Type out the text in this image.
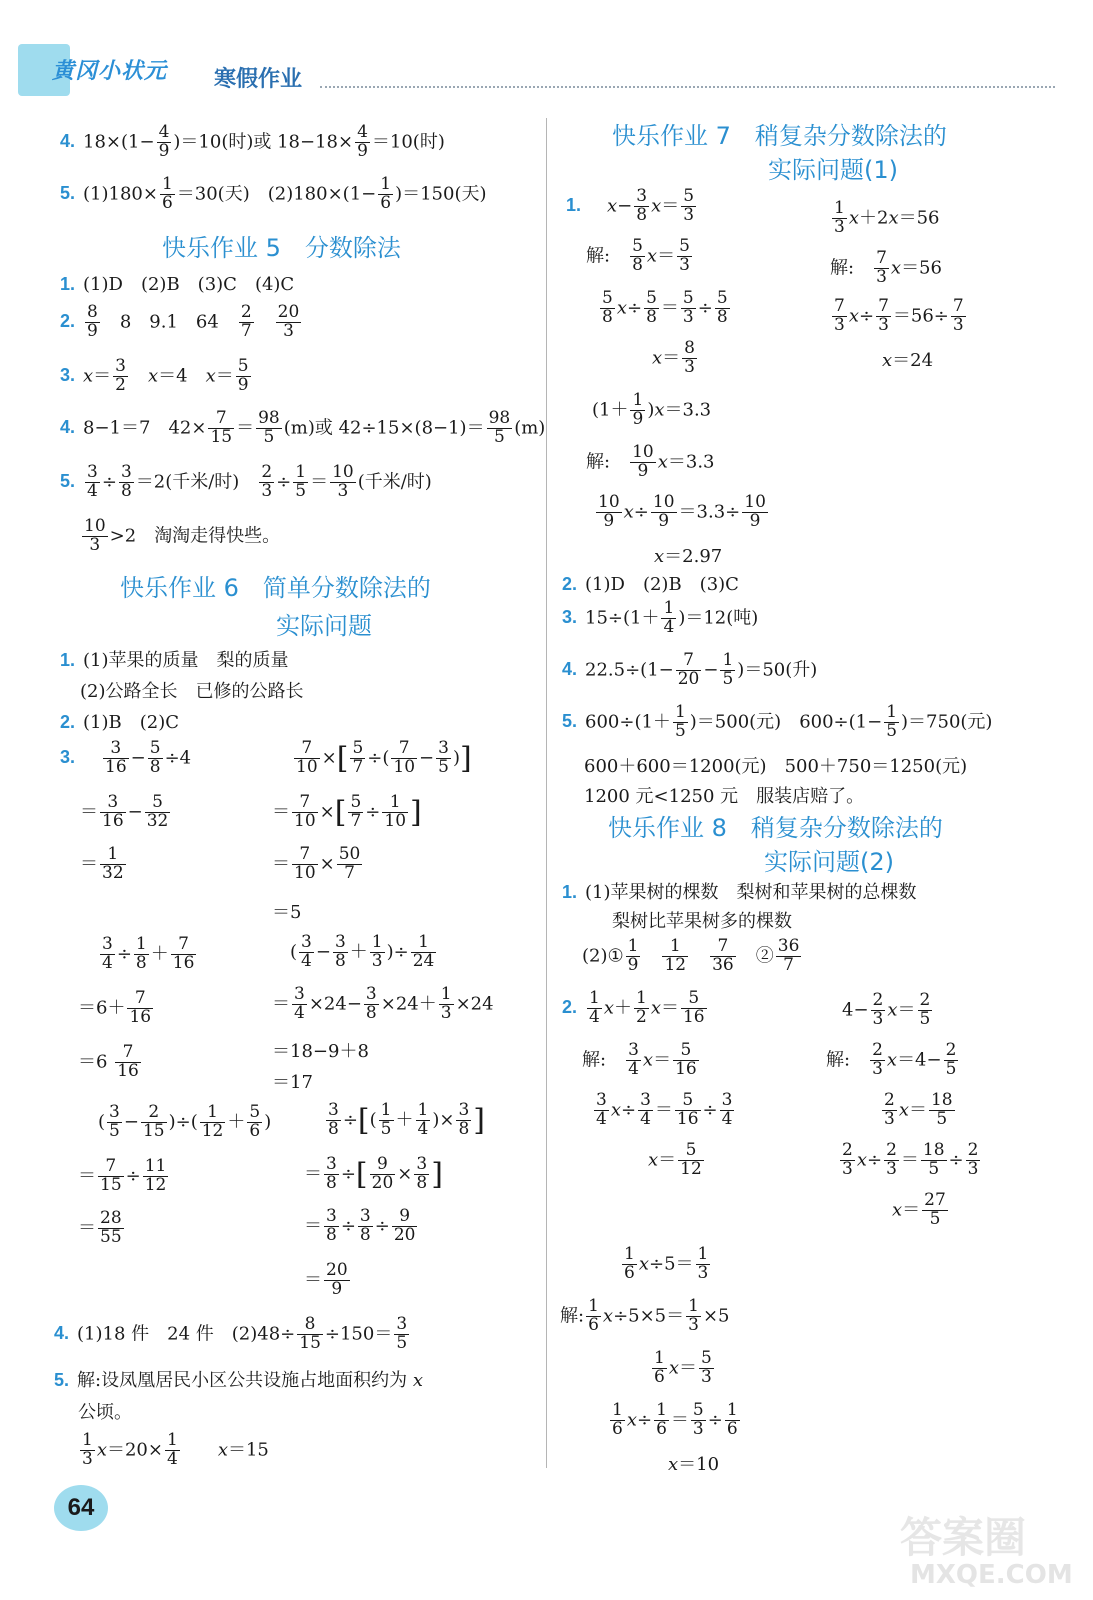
黄冈小状元 寒假作业
4. $18\times(1- \frac{4}{9} )=10$(时)或 $18-18\times \frac{4}{9} =10$(时)
5. $(1)180\times \frac{1}{6} =30$(天)　$(2)180\times(1- \frac{1}{6} )=150$(天)
快乐作业 5　分数除法
1. (1)D　(2)B　(3)C　(4)C
2. $\frac{8}{9}$ 　8　9.1　64　 $\frac{2}{7}$
　 $\frac{20}{3}$
3. $x= \frac{3}{2}$
　 x＝4　$x= \frac{5}{9}$
4. 8−1＝7　$42\times \frac{7}{15} = \frac{98}{5} (m)$或 $42\div 15\times(8-1)= \frac{98}{5} (m)$
5. $\frac{3}{4} \div \frac{3}{8} =2$(千米/时)　 $\frac{2}{3} \div \frac{1}{5} = \frac{10}{3}$ (千米/时)
$\frac{10}{3} >2$　淘淘走得快些。
快乐作业 6　简单分数除法的
实际问题
1. (1)苹果的质量　梨的质量
(2)公路全长　已修的公路长
2. (1)B　(2)C
3.　 $\frac{3}{16} - \frac{5}{8} \div 4$
＝ $\frac{3}{16} - \frac{5}{32}$
＝ $\frac{1}{32}$
$\frac{7}{10}$ ×[ $\frac{5}{7}$ ÷( $\frac{7}{10} - \frac{3}{5}$ )]
＝ $\frac{7}{10}$ ×[ $\frac{5}{7} \div \frac{1}{10}$ ]
＝ $\frac{7}{10} \times \frac{50}{7}$
＝5
$\frac{3}{4} \div \frac{1}{8} + \frac{7}{16}$
$=6+ \frac{7}{16}$
$=6 \frac{7}{16}$
( $\frac{3}{4} - \frac{3}{8} + \frac{1}{3}$ )÷ $\frac{1}{24}$
＝ $\frac{3}{4} \times 24- \frac{3}{8} \times 24+ \frac{1}{3} \times 24$
＝18−9＋8
＝17
( $\frac{3}{5} - \frac{2}{15}$ )÷( $\frac{1}{12} + \frac{5}{6}$ )
＝ $\frac{7}{15} \div \frac{11}{12}$
＝ $\frac{28}{55}$
$\frac{3}{8}$ ÷[( $\frac{1}{5} + \frac{1}{4}$ )× $\frac{3}{8}$ ]
＝ $\frac{3}{8}$ ÷[ $\frac{9}{20} \times \frac{3}{8}$ ]
＝ $\frac{3}{8} \div \frac{3}{8} \div \frac{9}{20}$
＝ $\frac{20}{9}$
4. (1)18 件　24 件　$(2)48\div \frac{8}{15} \div 150= \frac{3}{5}$
5. 解:设凤凰居民小区公共设施占地面积约为 x
公顷。
$\frac{1}{3} x=20\times \frac{1}{4}$
　　 x＝15
快乐作业 7　稍复杂分数除法的
实际问题(1)
1.　 $x- \frac{3}{8} x= \frac{5}{3}$
解:　 $\frac{5}{8} x= \frac{5}{3}$
$\frac{5}{8} x\div \frac{5}{8} = \frac{5}{3} \div \frac{5}{8}$
$x= \frac{8}{3}$
$\frac{1}{3} x+2x=56$
解:　 $\frac{7}{3} x=56$
$\frac{7}{3} x\div \frac{7}{3} =56\div \frac{7}{3}$
x＝24
$(1+ \frac{1}{9} )x=3.3$
解:　 $\frac{10}{9} x=3.3$
$\frac{10}{9} x\div \frac{10}{9} =3.3\div \frac{10}{9}$
x＝2.97
2. (1)D　(2)B　(3)C
3. $15\div(1+ \frac{1}{4} )=12$(吨)
4. $22.5\div(1- \frac{7}{20} - \frac{1}{5} )=50$(升)
5. $600\div(1+ \frac{1}{5} )=500$(元)　$600\div(1- \frac{1}{5} )=750$(元)
600＋600＝1200(元)　500＋750＝1250(元)
1200 元<1250 元　服装店赔了。
快乐作业 8　稍复杂分数除法的
实际问题(2)
1. (1)苹果树的棵数　梨树和苹果树的总棵数
梨树比苹果树多的棵数
(2)① $\frac{1}{9}$
　 $\frac{1}{12}$
　 $\frac{7}{36}$ 　② $\frac{36}{7}$
2. $\frac{1}{4} x+ \frac{1}{2} x= \frac{5}{16}$
解:　 $\frac{3}{4} x= \frac{5}{16}$
$\frac{3}{4} x\div \frac{3}{4} = \frac{5}{16} \div \frac{3}{4}$
$x= \frac{5}{12}$
$4- \frac{2}{3} x= \frac{2}{5}$
解:　 $\frac{2}{3} x=4- \frac{2}{5}$
$\frac{2}{3} x= \frac{18}{5}$
$\frac{2}{3} x\div \frac{2}{3} = \frac{18}{5} \div \frac{2}{3}$
$x= \frac{27}{5}$
$\frac{1}{6} x\div 5= \frac{1}{3}$
解: $\frac{1}{6} x\div 5\times 5= \frac{1}{3} \times 5$
$\frac{1}{6} x= \frac{5}{3}$
$\frac{1}{6} x\div \frac{1}{6} = \frac{5}{3} \div \frac{1}{6}$
x＝10
64
答案圈
MXQE.COM
